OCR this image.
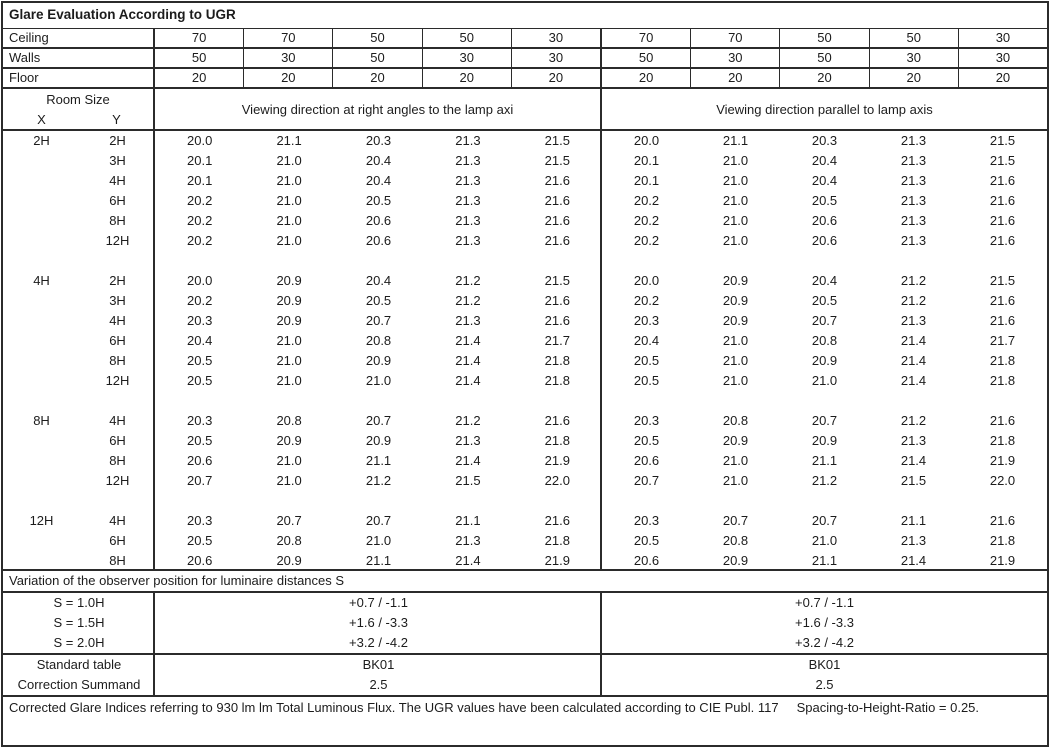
Glare Evaluation According to UGR
Ceiling	70	70	50	50	30	70	70	50	50	30
Walls	50	30	50	30	30	50	30	50	30	30
Floor	20	20	20	20	20	20	20	20	20	20
Room Size
X	Y
Viewing direction at right angles to the lamp axi	Viewing direction parallel to lamp axis
2H	2H	20.0	21.1	20.3	21.3	21.5	20.0	21.1	20.3	21.3	21.5
3H	20.1	21.0	20.4	21.3	21.5	20.1	21.0	20.4	21.3	21.5
4H	20.1	21.0	20.4	21.3	21.6	20.1	21.0	20.4	21.3	21.6
6H	20.2	21.0	20.5	21.3	21.6	20.2	21.0	20.5	21.3	21.6
8H	20.2	21.0	20.6	21.3	21.6	20.2	21.0	20.6	21.3	21.6
12H	20.2	21.0	20.6	21.3	21.6	20.2	21.0	20.6	21.3	21.6
4H	2H	20.0	20.9	20.4	21.2	21.5	20.0	20.9	20.4	21.2	21.5
3H	20.2	20.9	20.5	21.2	21.6	20.2	20.9	20.5	21.2	21.6
4H	20.3	20.9	20.7	21.3	21.6	20.3	20.9	20.7	21.3	21.6
6H	20.4	21.0	20.8	21.4	21.7	20.4	21.0	20.8	21.4	21.7
8H	20.5	21.0	20.9	21.4	21.8	20.5	21.0	20.9	21.4	21.8
12H	20.5	21.0	21.0	21.4	21.8	20.5	21.0	21.0	21.4	21.8
8H	4H	20.3	20.8	20.7	21.2	21.6	20.3	20.8	20.7	21.2	21.6
6H	20.5	20.9	20.9	21.3	21.8	20.5	20.9	20.9	21.3	21.8
8H	20.6	21.0	21.1	21.4	21.9	20.6	21.0	21.1	21.4	21.9
12H	20.7	21.0	21.2	21.5	22.0	20.7	21.0	21.2	21.5	22.0
12H	4H	20.3	20.7	20.7	21.1	21.6	20.3	20.7	20.7	21.1	21.6
6H	20.5	20.8	21.0	21.3	21.8	20.5	20.8	21.0	21.3	21.8
8H	20.6	20.9	21.1	21.4	21.9	20.6	20.9	21.1	21.4	21.9
Variation of the observer position for luminaire distances S
S = 1.0H	+0.7 / -1.1	+0.7 / -1.1
S = 1.5H	+1.6 / -3.3	+1.6 / -3.3
S = 2.0H	+3.2 / -4.2	+3.2 / -4.2
Standard table	BK01	BK01
Correction Summand	2.5	2.5
Corrected Glare Indices referring to 930 lm lm Total Luminous Flux. The UGR values have been calculated according to CIE Publ. 117 Spacing-to-Height-Ratio = 0.25.
